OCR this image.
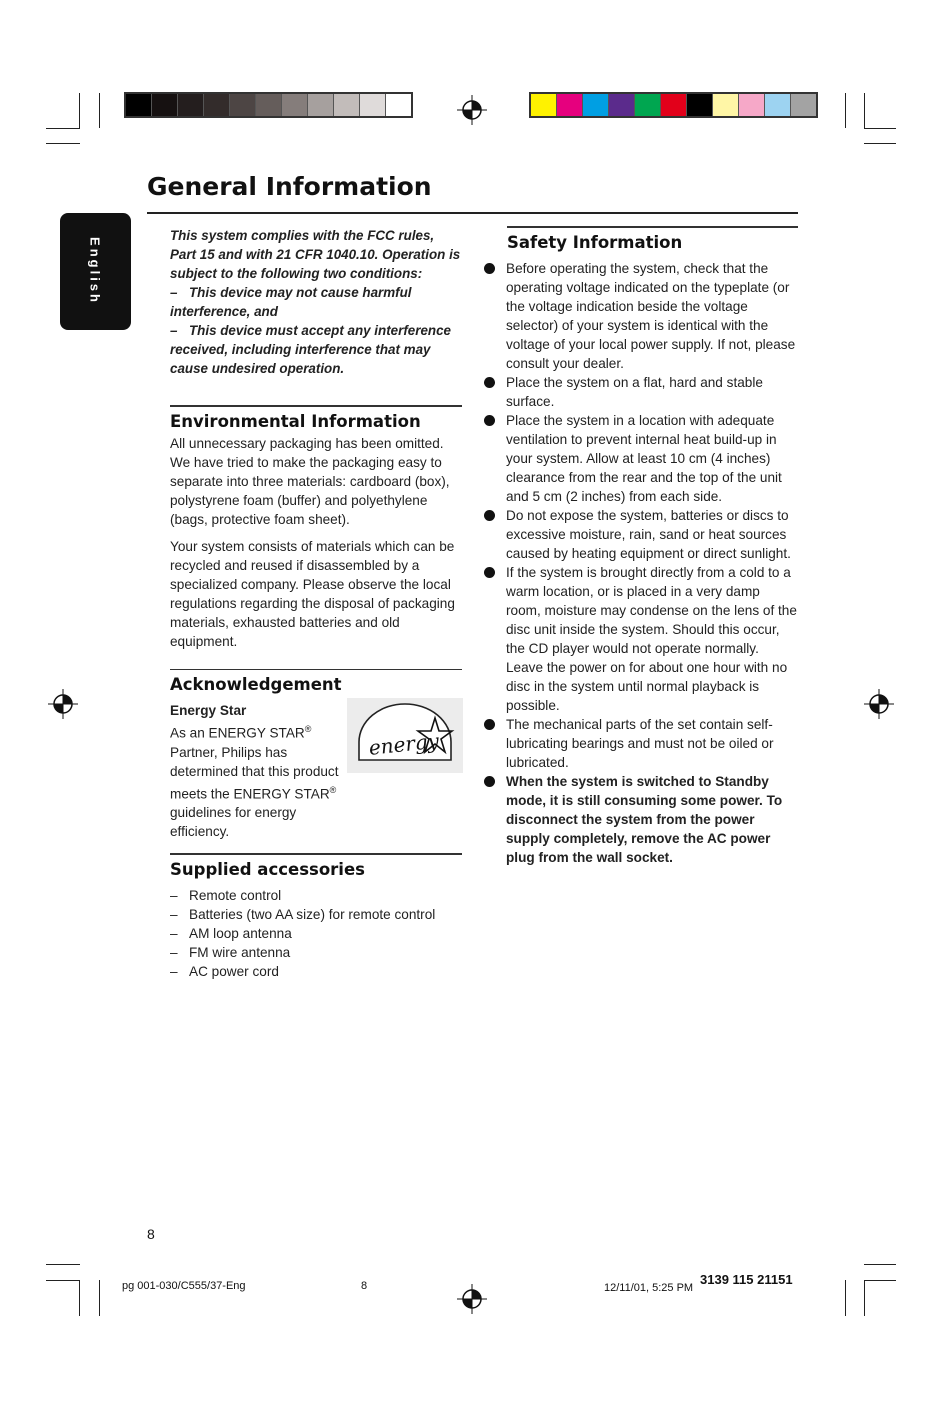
General Information
English

This system complies with the FCC rules, Part 15 and with 21 CFR 1040.10. Operation is subject to the following two conditions:

– This device may not cause harmful interference, and

– This device must accept any interference received, including interference that may cause undesired operation.

Environmental Information

All unnecessary packaging has been omitted. We have tried to make the packaging easy to separate into three materials: cardboard (box), polystyrene foam (buffer) and polyethylene (bags, protective foam sheet).

Your system consists of materials which can be recycled and reused if disassembled by a specialized company. Please observe the local regulations regarding the disposal of packaging materials, exhausted batteries and old equipment.

Acknowledgement
Energy Star
As an ENERGY STAR® Partner, Philips has determined that this product meets the ENERGY STAR® guidelines for energy efficiency.
energy
Supplied accessories
– Remote control
– Batteries (two AA size) for remote control
– AM loop antenna
– FM wire antenna
– AC power cord
Safety Information
Before operating the system, check that the operating voltage indicated on the typeplate (or the voltage indication beside the voltage selector) of your system is identical with the voltage of your local power supply. If not, please consult your dealer.
Place the system on a flat, hard and stable surface.
Place the system in a location with adequate ventilation to prevent internal heat build-up in your system. Allow at least 10 cm (4 inches) clearance from the rear and the top of the unit and 5 cm (2 inches) from each side.
Do not expose the system, batteries or discs to excessive moisture, rain, sand or heat sources caused by heating equipment or direct sunlight.
If the system is brought directly from a cold to a warm location, or is placed in a very damp room, moisture may condense on the lens of the disc unit inside the system. Should this occur, the CD player would not operate normally. Leave the power on for about one hour with no disc in the system until normal playback is possible.
The mechanical parts of the set contain self-lubricating bearings and must not be oiled or lubricated.
When the system is switched to Standby mode, it is still consuming some power. To disconnect the system from the power supply completely, remove the AC power plug from the wall socket.
8
pg 001-030/C555/37-Eng	8	12/11/01, 5:25 PM
3139 115 21151
